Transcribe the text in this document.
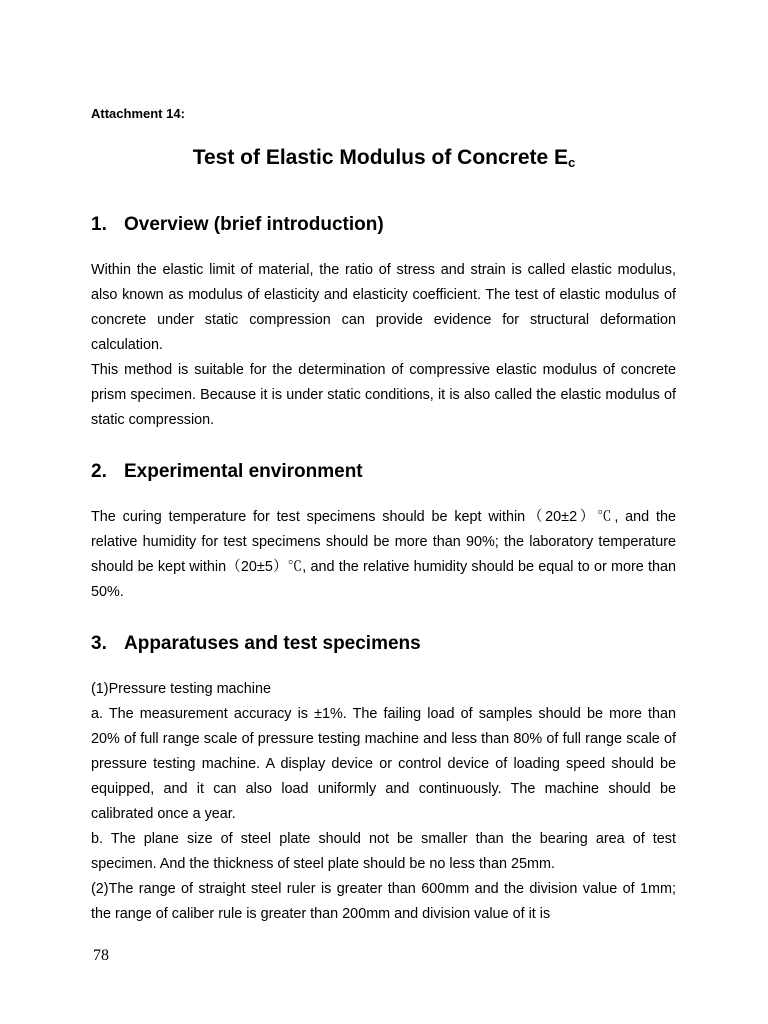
Attachment 14:
Test of Elastic Modulus of Concrete $E_c$
1. Overview (brief introduction)

Within the elastic limit of material, the ratio of stress and strain is called elastic modulus, also known as modulus of elasticity and elasticity coefficient. The test of elastic modulus of concrete under static compression can provide evidence for structural deformation calculation.

This method is suitable for the determination of compressive elastic modulus of concrete prism specimen. Because it is under static conditions, it is also called the elastic modulus of static compression.

2. Experimental environment

The curing temperature for test specimens should be kept within（20±2）℃, and the relative humidity for test specimens should be more than 90%; the laboratory temperature should be kept within（20±5）℃, and the relative humidity should be equal to or more than 50%.

3. Apparatuses and test specimens

(1)Pressure testing machine

a. The measurement accuracy is ±1%. The failing load of samples should be more than 20% of full range scale of pressure testing machine and less than 80% of full range scale of pressure testing machine. A display device or control device of loading speed should be equipped, and it can also load uniformly and continuously. The machine should be calibrated once a year.

b. The plane size of steel plate should not be smaller than the bearing area of test specimen. And the thickness of steel plate should be no less than 25mm.

(2)The range of straight steel ruler is greater than 600mm and the division value of 1mm; the range of caliber rule is greater than 200mm and division value of it is

78
